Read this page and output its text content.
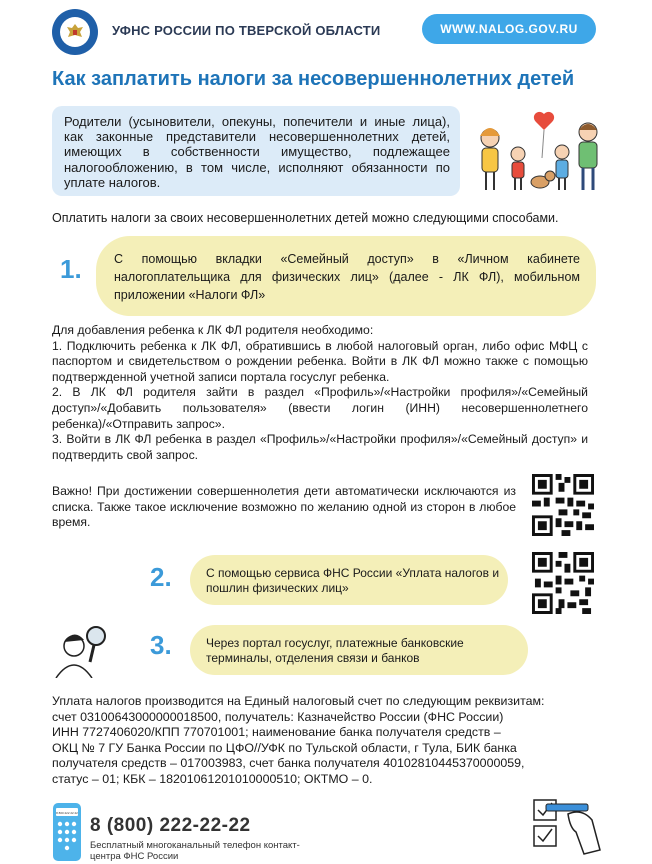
УФНС РОССИИ ПО ТВЕРСКОЙ ОБЛАСТИ	WWW.NALOG.GOV.RU
Как заплатить налоги за несовершеннолетних детей
Родители (усыновители, опекуны, попечители и иные лица), как законные представители несовершеннолетних детей, имеющих в собственности имущество, подлежащее налогообложению, в том числе, исполняют обязанности по уплате налогов.
Оплатить налоги за своих несовершеннолетних детей можно следующими способами.
1.	С помощью вкладки «Семейный доступ» в «Личном кабинете налогоплательщика для физических лиц» (далее - ЛК ФЛ), мобильном приложении «Налоги ФЛ»

Для добавления ребенка к ЛК ФЛ родителя необходимо:

1. Подключить ребенка к ЛК ФЛ, обратившись в любой налоговый орган, либо офис МФЦ с паспортом и свидетельством о рождении ребенка. Войти в ЛК ФЛ можно также с помощью подтвержденной учетной записи портала госуслуг ребенка.

2. В ЛК ФЛ родителя зайти в раздел «Профиль»/«Настройки профиля»/«Семейный доступ»/«Добавить пользователя» (ввести логин (ИНН) несовершеннолетнего ребенка)/«Отправить запрос».

3. Войти в ЛК ФЛ ребенка в раздел «Профиль»/«Настройки профиля»/«Семейный доступ» и подтвердить свой запрос.

Важно! При достижении совершеннолетия дети автоматически исключаются из списка. Также такое исключение возможно по желанию одной из сторон в любое время.
2.	С помощью сервиса ФНС России «Уплата налогов и пошлин физических лиц»
3.	Через портал госуслуг, платежные банковские терминалы, отделения связи и банков

Уплата налогов производится на Единый налоговый счет по следующим реквизитам:

счет 03100643000000018500, получатель: Казначейство России (ФНС России)

ИНН 7727406020/КПП 770701001; наименование банка получателя средств –

ОКЦ № 7 ГУ Банка России по ЦФО//УФК по Тульской области, г Тула, БИК банка

получателя средств – 017003983, счет банка получателя 40102810445370000059,

статус – 01; КБК – 18201061201010000510; ОКТМО – 0.

8 800 222 22 22
8 (800) 222-22-22
Бесплатный многоканальный телефон контакт-центра ФНС России
